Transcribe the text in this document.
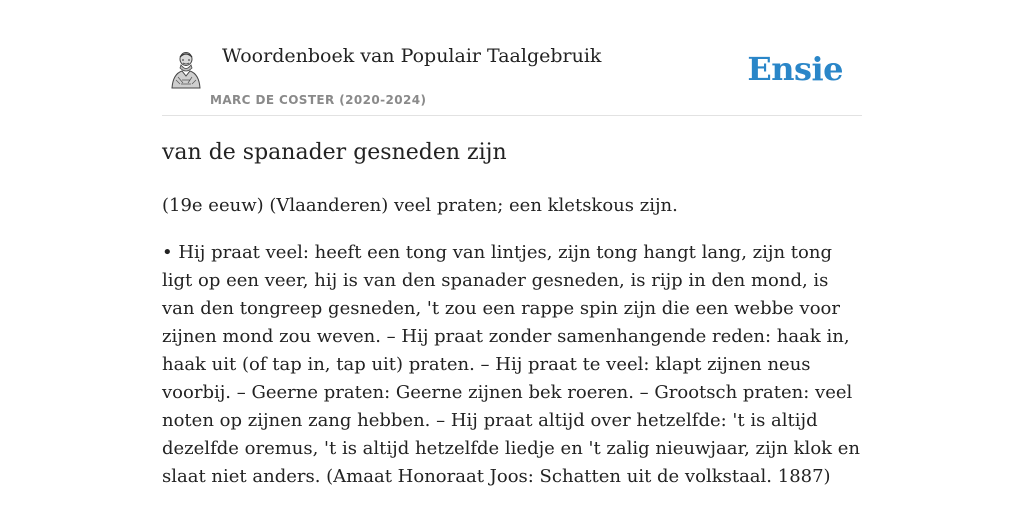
Woordenboek van Populair Taalgebruik
MARC DE COSTER (2020-2024)
Ensie
van de spanader gesneden zijn

(19e eeuw) (Vlaanderen) veel praten; een kletskous zijn.

• Hij praat veel: heeft een tong van lintjes, zijn tong hangt lang, zijn tong ligt op een veer, hij is van den spanader gesneden, is rijp in den mond, is van den tongreep gesneden, 't zou een rappe spin zijn die een webbe voor zijnen mond zou weven. – Hij praat zonder samenhangende reden: haak in, haak uit (of tap in, tap uit) praten. – Hij praat te veel: klapt zijnen neus voorbij. – Geerne praten: Geerne zijnen bek roeren. – Grootsch praten: veel noten op zijnen zang hebben. – Hij praat altijd over hetzelfde: 't is altijd dezelfde oremus, 't is altijd hetzelfde liedje en 't zalig nieuwjaar, zijn klok en slaat niet anders. (Amaat Honoraat Joos: Schatten uit de volkstaal. 1887)
